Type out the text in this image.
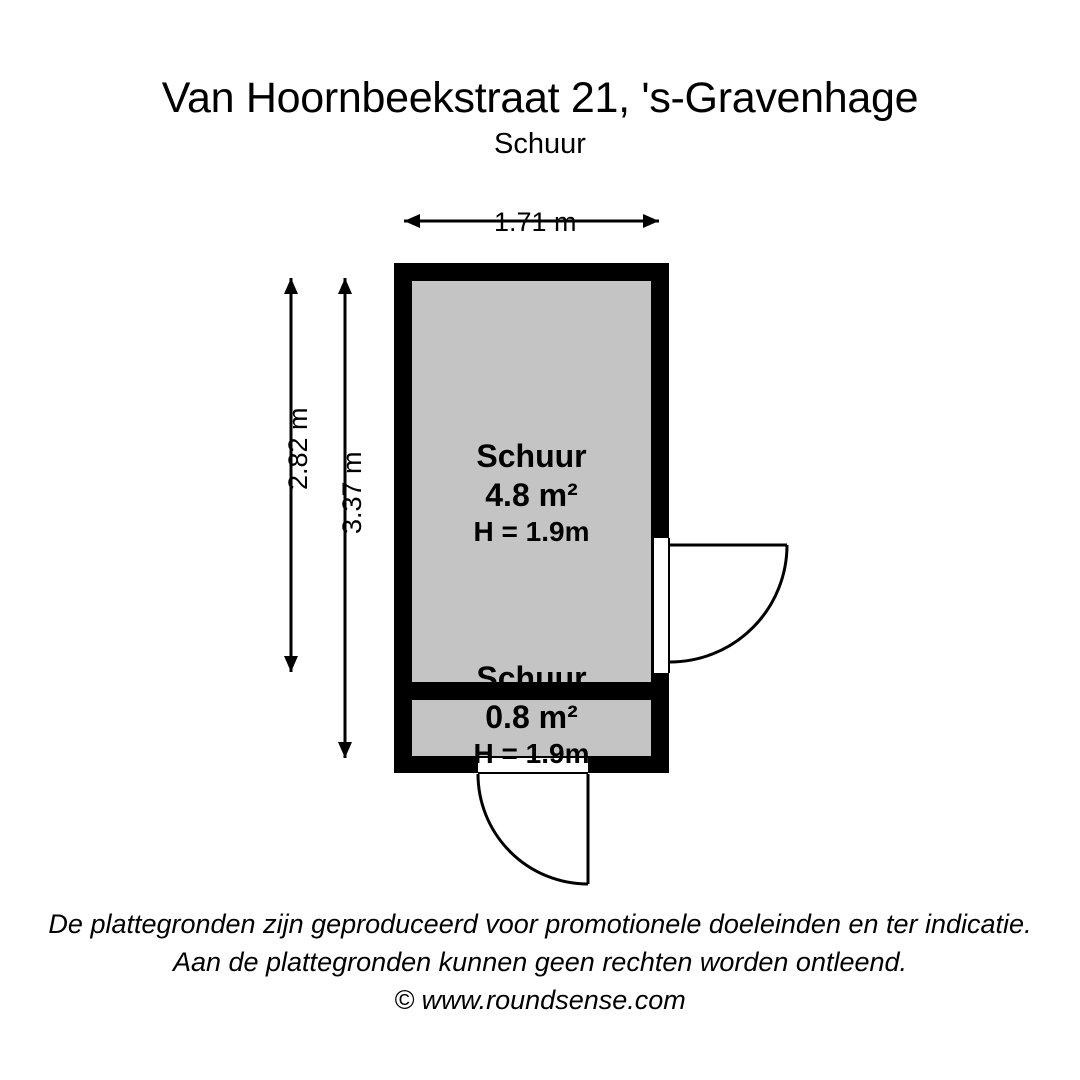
Van Hoornbeekstraat 21, 's-Gravenhage
Schuur
1.71 m
2.82 m
3.37 m	Schuur
4.8 m²
H = 1.9m
Schuur
0.8 m²
H = 1.9m
De plattegronden zijn geproduceerd voor promotionele doeleinden en ter indicatie.
Aan de plattegronden kunnen geen rechten worden ontleend.
© www.roundsense.com
